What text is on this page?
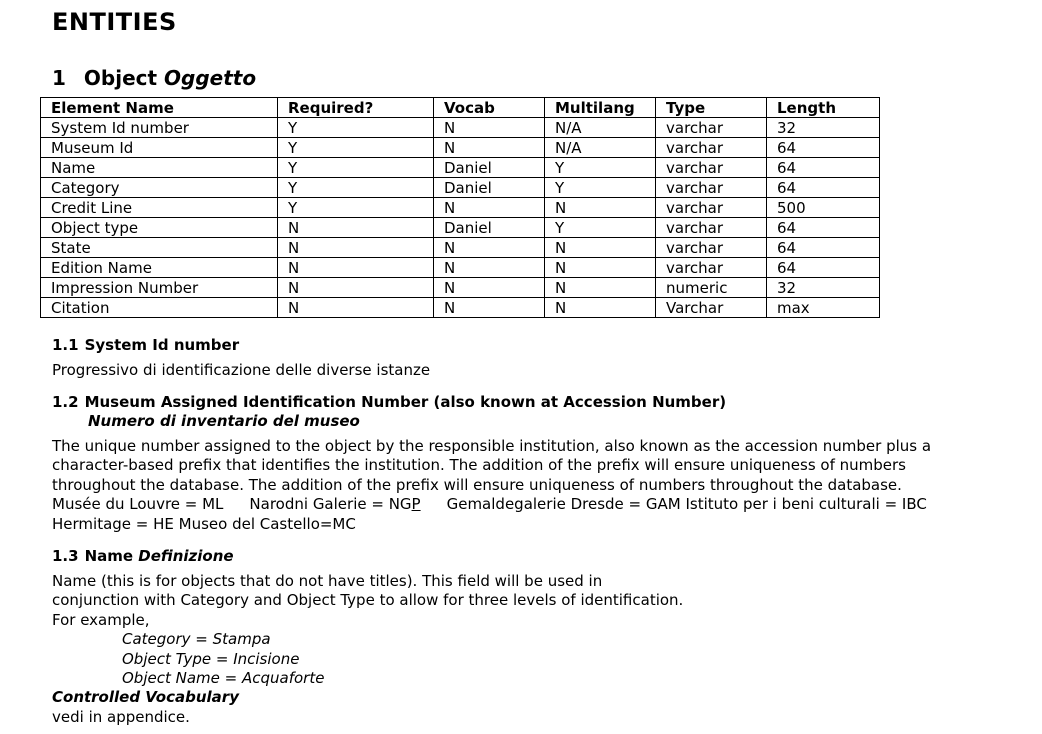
ENTITIES
1 Object Oggetto
Element Name	Required?	Vocab	Multilang	Type	Length
System Id number	Y	N	N/A	varchar	32
Museum Id	Y	N	N/A	varchar	64
Name	Y	Daniel	Y	varchar	64
Category	Y	Daniel	Y	varchar	64
Credit Line	Y	N	N	varchar	500
Object type	N	Daniel	Y	varchar	64
State	N	N	N	varchar	64
Edition Name	N	N	N	varchar	64
Impression Number	N	N	N	numeric	32
Citation	N	N	N	Varchar	max
1.1 System Id number

Progressivo di identificazione delle diverse istanze

1.2 Museum Assigned Identification Number (also known at Accession Number)
Numero di inventario del museo

The unique number assigned to the object by the responsible institution, also known as the accession number plus a
character-based prefix that identifies the institution. The addition of the prefix will ensure uniqueness of numbers
throughout the database. The addition of the prefix will ensure uniqueness of numbers throughout the database.
Musée du Louvre = ML Narodni Galerie = NGP Gemaldegalerie Dresde = GAM Istituto per i beni culturali = IBC
Hermitage = HE Museo del Castello=MC

1.3 Name Definizione

Name (this is for objects that do not have titles). This field will be used in
conjunction with Category and Object Type to allow for three levels of identification.
For example,
Category = Stampa
Object Type = Incisione
Object Name = Acquaforte
Controlled Vocabulary
vedi in appendice.
